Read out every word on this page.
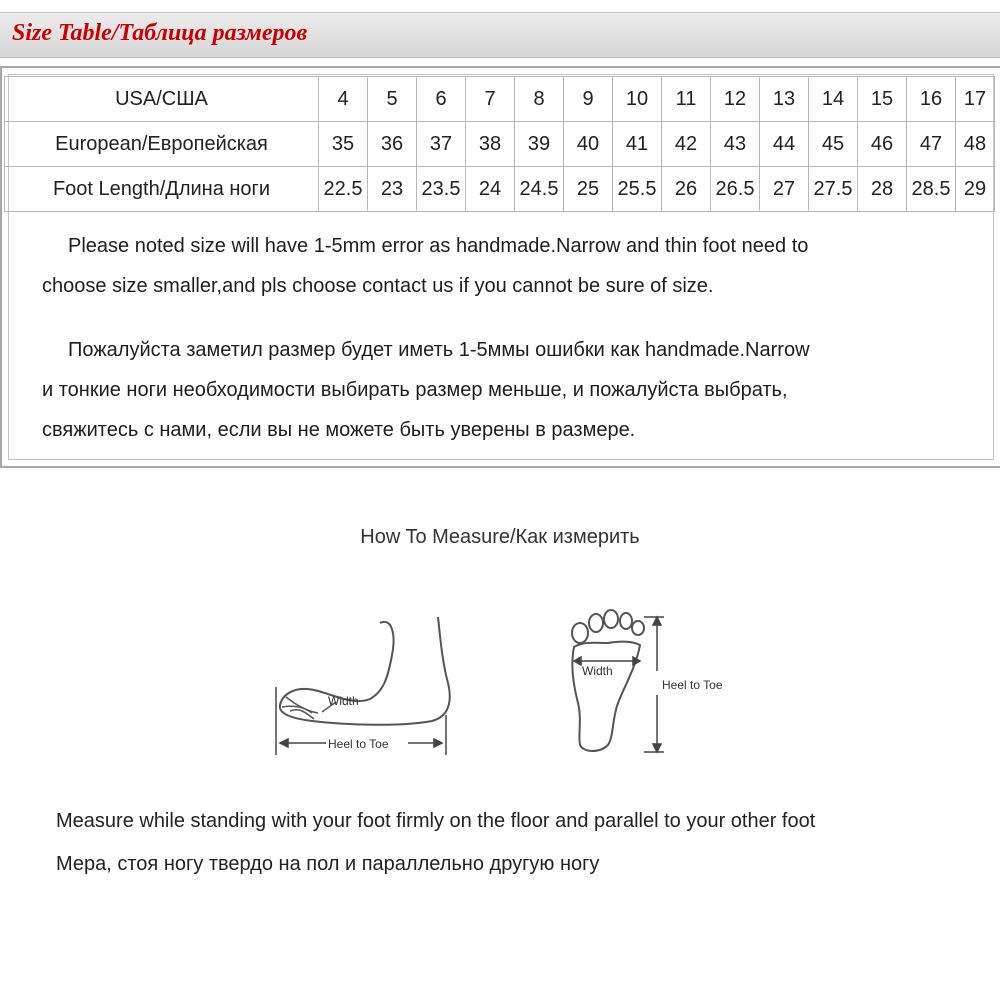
Size Table/Таблица размеров
USA/США	4	5	6	7	8	9	10	11	12	13	14	15	16	17
European/Европейская	35	36	37	38	39	40	41	42	43	44	45	46	47	48
Foot Length/Длина ноги	22.5	23	23.5	24	24.5	25	25.5	26	26.5	27	27.5	28	28.5	29

Please noted size will have 1-5mm error as handmade.Narrow and thin foot need to

choose size smaller,and pls choose contact us if you cannot be sure of size.

Пожалуйста заметил размер будет иметь 1-5ммы ошибки как handmade.Narrow

и тонкие ноги необходимости выбирать размер меньше, и пожалуйста выбрать,

свяжитесь с нами, если вы не можете быть уверены в размере.

How To Measure/Как измерить
Width
Heel to Toe
Width
Heel to Toe
Measure while standing with your foot firmly on the floor and parallel to your other foot
Мера, стоя ногу твердо на пол и параллельно другую ногу
